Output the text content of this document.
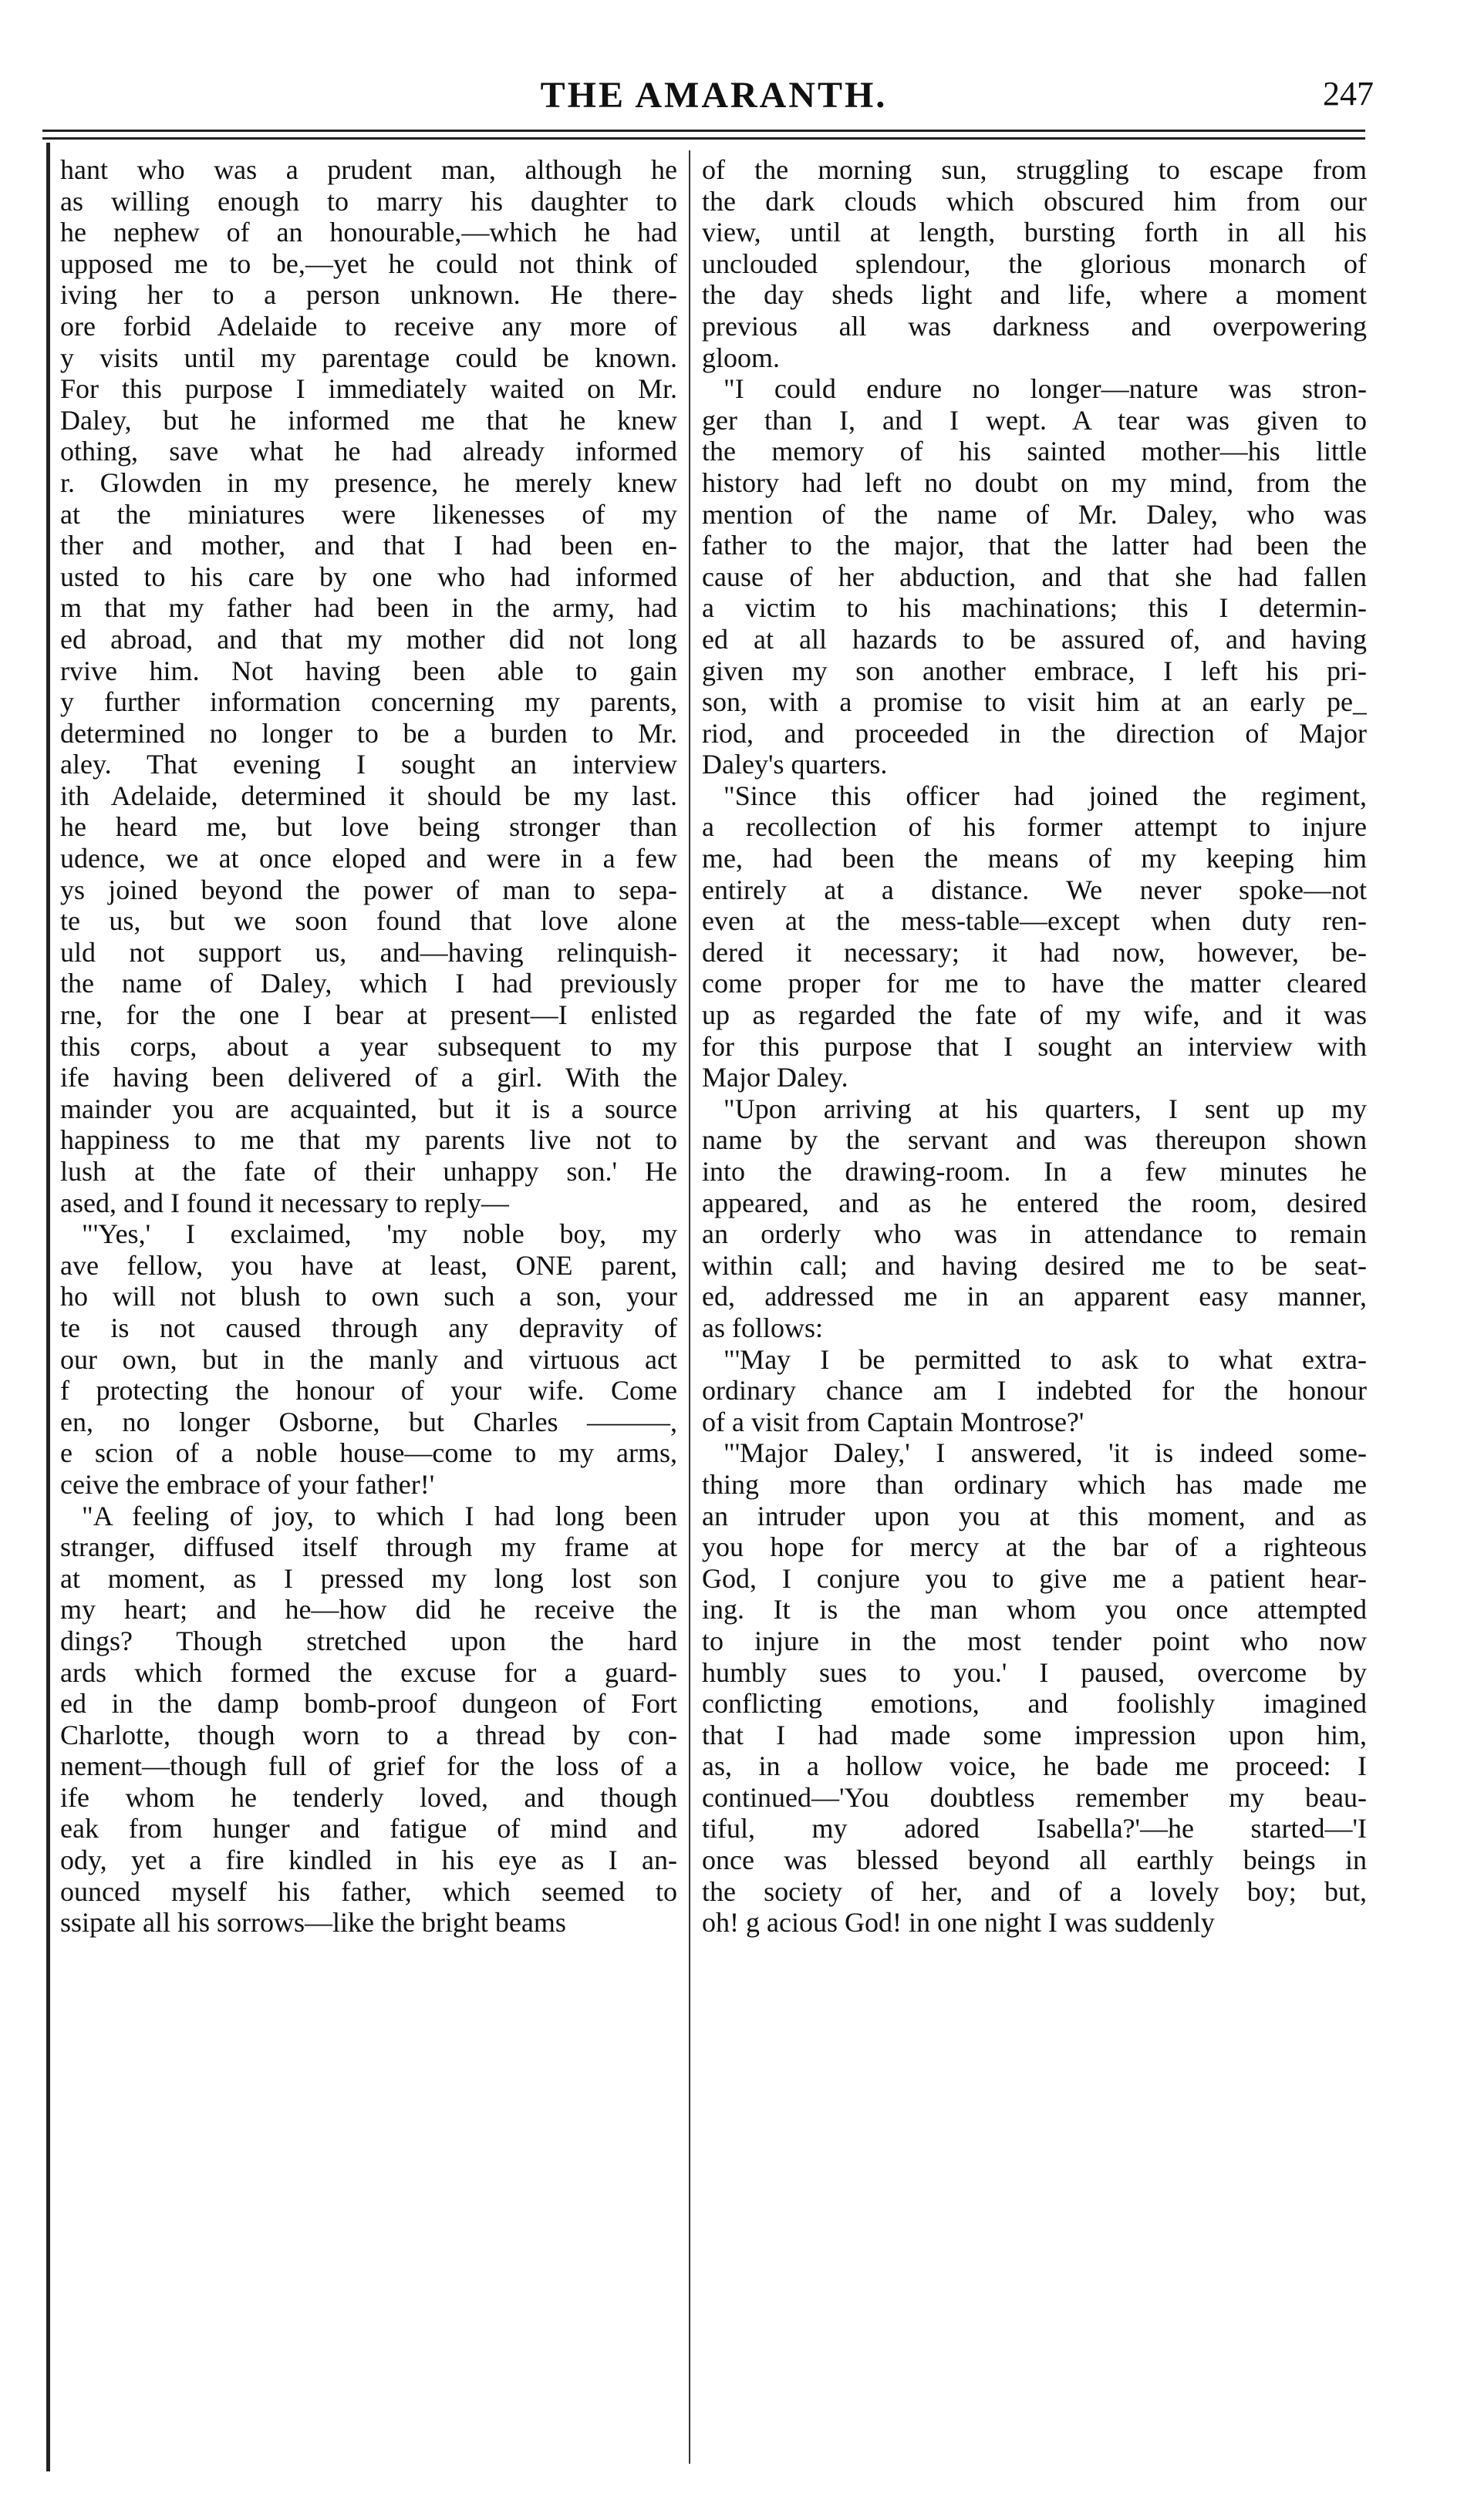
THE AMARANTH.	247
hant who was a prudent man, although he
as willing enough to marry his daughter to
he nephew of an honourable,—which he had
upposed me to be,—yet he could not think of
iving her to a person unknown. He there-
ore forbid Adelaide to receive any more of
y visits until my parentage could be known.
For this purpose I immediately waited on Mr.
Daley, but he informed me that he knew
othing, save what he had already informed
r. Glowden in my presence, he merely knew
at the miniatures were likenesses of my
ther and mother, and that I had been en-
usted to his care by one who had informed
m that my father had been in the army, had
ed abroad, and that my mother did not long
rvive him. Not having been able to gain
y further information concerning my parents,
determined no longer to be a burden to Mr.
aley. That evening I sought an interview
ith Adelaide, determined it should be my last.
he heard me, but love being stronger than
udence, we at once eloped and were in a few
ys joined beyond the power of man to sepa-
te us, but we soon found that love alone
uld not support us, and—having relinquish-
the name of Daley, which I had previously
rne, for the one I bear at present—I enlisted
this corps, about a year subsequent to my
ife having been delivered of a girl. With the
mainder you are acquainted, but it is a source
happiness to me that my parents live not to
lush at the fate of their unhappy son.' He
ased, and I found it necessary to reply—
"'Yes,' I exclaimed, 'my noble boy, my
ave fellow, you have at least, ONE parent,
ho will not blush to own such a son, your
te is not caused through any depravity of
our own, but in the manly and virtuous act
f protecting the honour of your wife. Come
en, no longer Osborne, but Charles ———,
e scion of a noble house—come to my arms,
ceive the embrace of your father!'
"A feeling of joy, to which I had long been
stranger, diffused itself through my frame at
at moment, as I pressed my long lost son
my heart; and he—how did he receive the
dings? Though stretched upon the hard
ards which formed the excuse for a guard-
ed in the damp bomb-proof dungeon of Fort
Charlotte, though worn to a thread by con-
nement—though full of grief for the loss of a
ife whom he tenderly loved, and though
eak from hunger and fatigue of mind and
ody, yet a fire kindled in his eye as I an-
ounced myself his father, which seemed to
ssipate all his sorrows—like the bright beams
of the morning sun, struggling to escape from
the dark clouds which obscured him from our
view, until at length, bursting forth in all his
unclouded splendour, the glorious monarch of
the day sheds light and life, where a moment
previous all was darkness and overpowering
gloom.
"I could endure no longer—nature was stron-
ger than I, and I wept. A tear was given to
the memory of his sainted mother—his little
history had left no doubt on my mind, from the
mention of the name of Mr. Daley, who was
father to the major, that the latter had been the
cause of her abduction, and that she had fallen
a victim to his machinations; this I determin-
ed at all hazards to be assured of, and having
given my son another embrace, I left his pri-
son, with a promise to visit him at an early pe_
riod, and proceeded in the direction of Major
Daley's quarters.
"Since this officer had joined the regiment,
a recollection of his former attempt to injure
me, had been the means of my keeping him
entirely at a distance. We never spoke—not
even at the mess-table—except when duty ren-
dered it necessary; it had now, however, be-
come proper for me to have the matter cleared
up as regarded the fate of my wife, and it was
for this purpose that I sought an interview with
Major Daley.
"Upon arriving at his quarters, I sent up my
name by the servant and was thereupon shown
into the drawing-room. In a few minutes he
appeared, and as he entered the room, desired
an orderly who was in attendance to remain
within call; and having desired me to be seat-
ed, addressed me in an apparent easy manner,
as follows:
"'May I be permitted to ask to what extra-
ordinary chance am I indebted for the honour
of a visit from Captain Montrose?'
"'Major Daley,' I answered, 'it is indeed some-
thing more than ordinary which has made me
an intruder upon you at this moment, and as
you hope for mercy at the bar of a righteous
God, I conjure you to give me a patient hear-
ing. It is the man whom you once attempted
to injure in the most tender point who now
humbly sues to you.' I paused, overcome by
conflicting emotions, and foolishly imagined
that I had made some impression upon him,
as, in a hollow voice, he bade me proceed: I
continued—'You doubtless remember my beau-
tiful, my adored Isabella?'—he started—'I
once was blessed beyond all earthly beings in
the society of her, and of a lovely boy; but,
oh! g acious God! in one night I was suddenly
